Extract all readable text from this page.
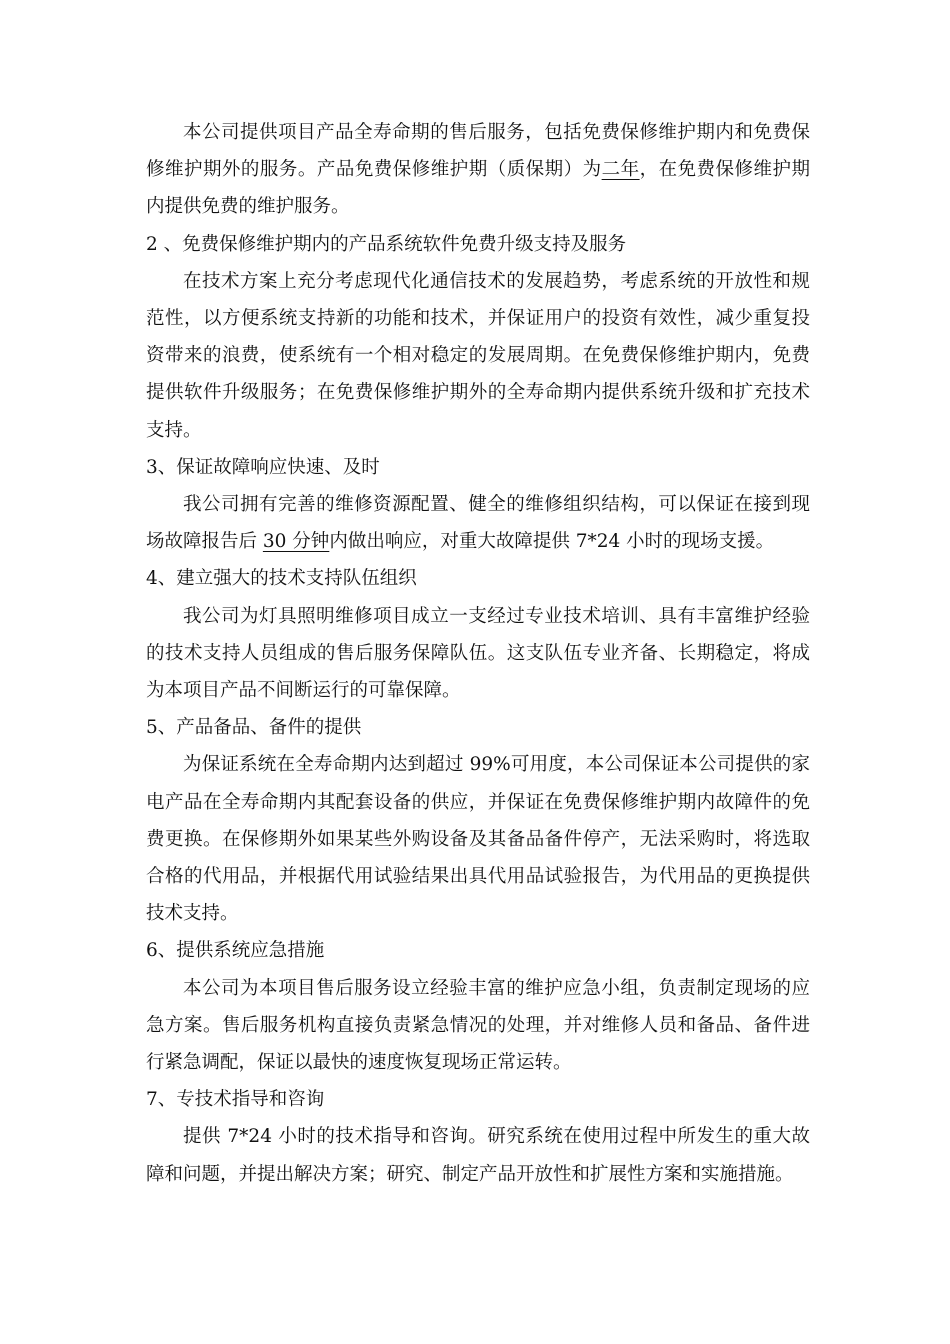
本公司提供项目产品全寿命期的售后服务，包括免费保修维护期内和免费保修维护期外的服务。产品免费保修维护期（质保期）为二年，在免费保修维护期内提供免费的维护服务。

2 、免费保修维护期内的产品系统软件免费升级支持及服务

在技术方案上充分考虑现代化通信技术的发展趋势，考虑系统的开放性和规范性，以方便系统支持新的功能和技术，并保证用户的投资有效性，减少重复投资带来的浪费，使系统有一个相对稳定的发展周期。在免费保修维护期内，免费提供软件升级服务；在免费保修维护期外的全寿命期内提供系统升级和扩充技术支持。

3、保证故障响应快速、及时

我公司拥有完善的维修资源配置、健全的维修组织结构，可以保证在接到现场故障报告后 30 分钟内做出响应，对重大故障提供 7*24 小时的现场支援。

4、建立强大的技术支持队伍组织

我公司为灯具照明维修项目成立一支经过专业技术培训、具有丰富维护经验的技术支持人员组成的售后服务保障队伍。这支队伍专业齐备、长期稳定，将成为本项目产品不间断运行的可靠保障。

5、产品备品、备件的提供

为保证系统在全寿命期内达到超过 99%可用度，本公司保证本公司提供的家电产品在全寿命期内其配套设备的供应，并保证在免费保修维护期内故障件的免费更换。在保修期外如果某些外购设备及其备品备件停产，无法采购时，将选取合格的代用品，并根据代用试验结果出具代用品试验报告，为代用品的更换提供技术支持。

6、提供系统应急措施

本公司为本项目售后服务设立经验丰富的维护应急小组，负责制定现场的应急方案。售后服务机构直接负责紧急情况的处理，并对维修人员和备品、备件进行紧急调配，保证以最快的速度恢复现场正常运转。

7、专技术指导和咨询

提供 7*24 小时的技术指导和咨询。研究系统在使用过程中所发生的重大故障和问题，并提出解决方案；研究、制定产品开放性和扩展性方案和实施措施。
